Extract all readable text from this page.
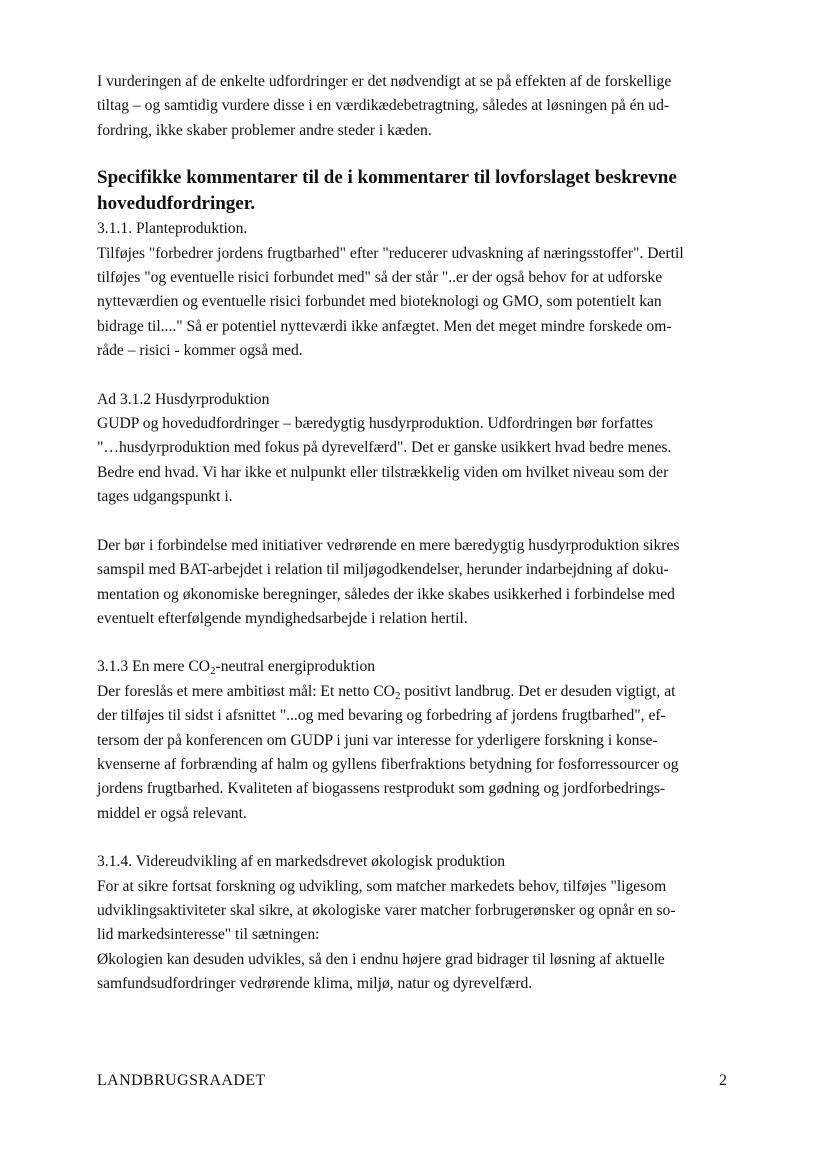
I vurderingen af de enkelte udfordringer er det nødvendigt at se på effekten af de forskellige
tiltag – og samtidig vurdere disse i en værdikædebetragtning, således at løsningen på én ud-
fordring, ikke skaber problemer andre steder i kæden.

Specifikke kommentarer til de i kommentarer til lovforslaget beskrevne
hovedudfordringer.

3.1.1. Planteproduktion.
Tilføjes "forbedrer jordens frugtbarhed" efter "reducerer udvaskning af næringsstoffer". Dertil
tilføjes "og eventuelle risici forbundet med" så der står "..er der også behov for at udforske
nytteværdien og eventuelle risici forbundet med bioteknologi og GMO, som potentielt kan
bidrage til...." Så er potentiel nytteværdi ikke anfægtet. Men det meget mindre forskede om-
råde – risici - kommer også med.

Ad 3.1.2 Husdyrproduktion
GUDP og hovedudfordringer – bæredygtig husdyrproduktion. Udfordringen bør forfattes
"…husdyrproduktion med fokus på dyrevelfærd". Det er ganske usikkert hvad bedre menes.
Bedre end hvad. Vi har ikke et nulpunkt eller tilstrækkelig viden om hvilket niveau som der
tages udgangspunkt i.

Der bør i forbindelse med initiativer vedrørende en mere bæredygtig husdyrproduktion sikres
samspil med BAT-arbejdet i relation til miljøgodkendelser, herunder indarbejdning af doku-
mentation og økonomiske beregninger, således der ikke skabes usikkerhed i forbindelse med
eventuelt efterfølgende myndighedsarbejde i relation hertil.

3.1.3 En mere $CO_2$-neutral energiproduktion
Der foreslås et mere ambitiøst mål: Et netto $CO_2$ positivt landbrug. Det er desuden vigtigt, at
der tilføjes til sidst i afsnittet "...og med bevaring og forbedring af jordens frugtbarhed", ef-
tersom der på konferencen om GUDP i juni var interesse for yderligere forskning i konse-
kvenserne af forbrænding af halm og gyllens fiberfraktions betydning for fosforressourcer og
jordens frugtbarhed. Kvaliteten af biogassens restprodukt som gødning og jordforbedrings-
middel er også relevant.

3.1.4. Videreudvikling af en markedsdrevet økologisk produktion
For at sikre fortsat forskning og udvikling, som matcher markedets behov, tilføjes "ligesom
udviklingsaktiviteter skal sikre, at økologiske varer matcher forbrugerønsker og opnår en so-
lid markedsinteresse" til sætningen:
Økologien kan desuden udvikles, så den i endnu højere grad bidrager til løsning af aktuelle
samfundsudfordringer vedrørende klima, miljø, natur og dyrevelfærd.

LANDBRUGSRAADET	2
